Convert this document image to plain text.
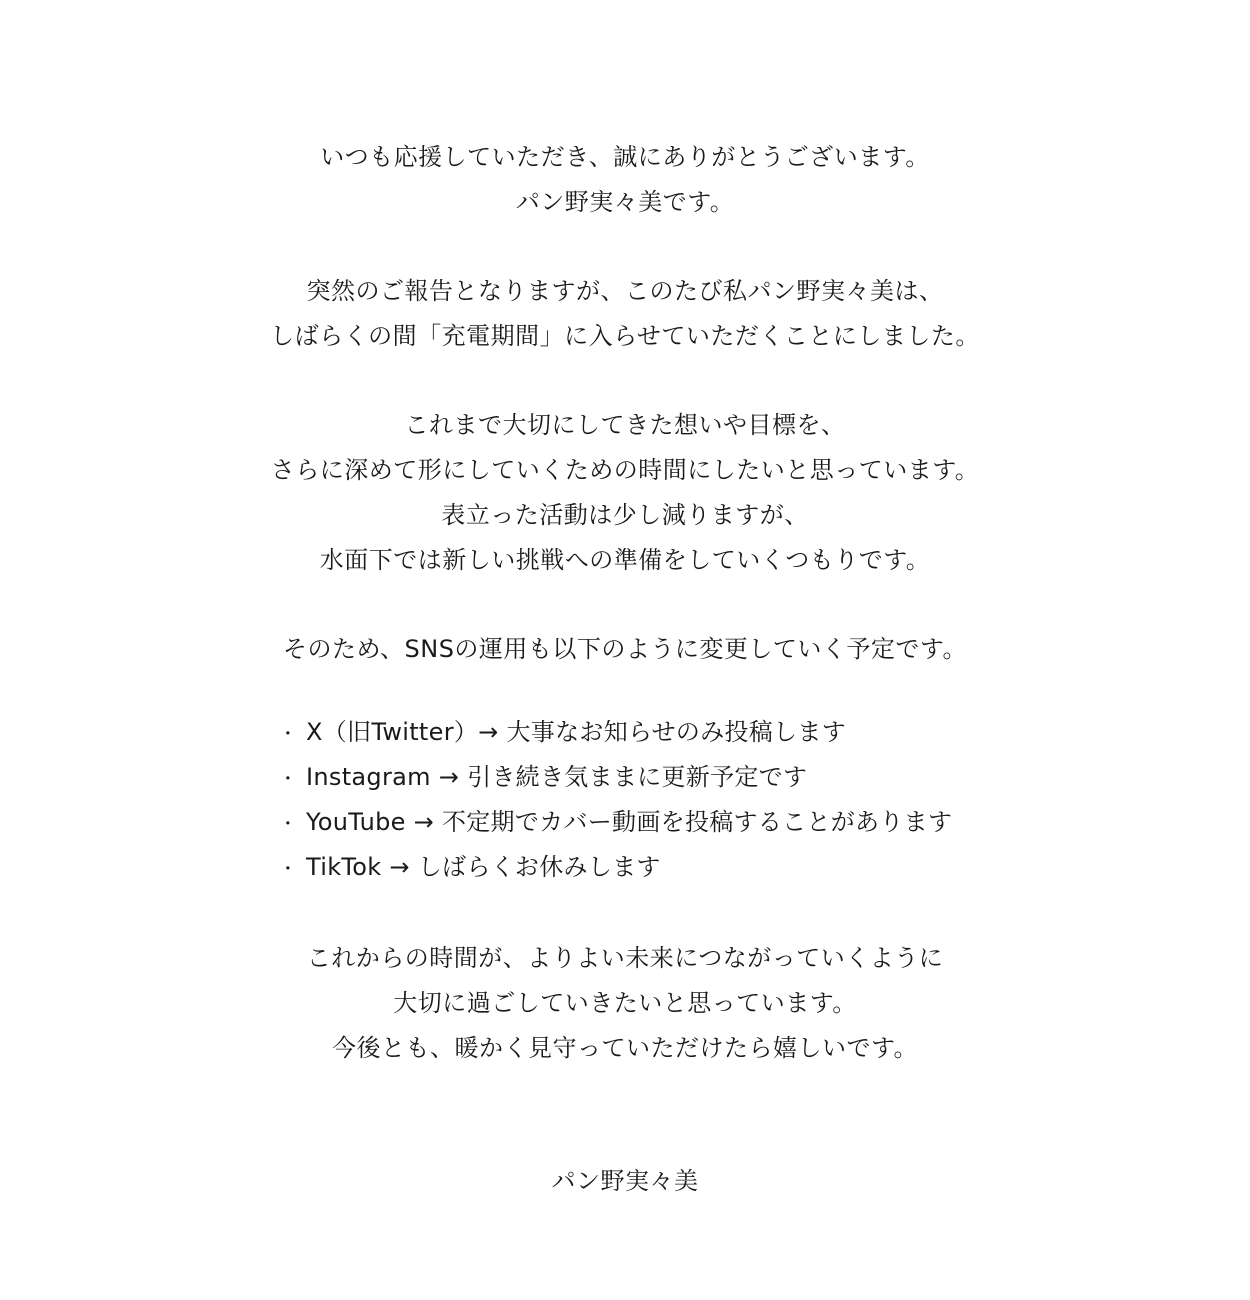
いつも応援していただき、誠にありがとうございます。
パン野実々美です。
突然のご報告となりますが、このたび私パン野実々美は、
しばらくの間「充電期間」に入らせていただくことにしました。
これまで大切にしてきた想いや目標を、
さらに深めて形にしていくための時間にしたいと思っています。
表立った活動は少し減りますが、
水面下では新しい挑戦への準備をしていくつもりです。
そのため、SNSの運用も以下のように変更していく予定です。
・ X（旧Twitter）→ 大事なお知らせのみ投稿します
・ Instagram → 引き続き気ままに更新予定です
・ YouTube → 不定期でカバー動画を投稿することがあります
・ TikTok → しばらくお休みします
これからの時間が、よりよい未来につながっていくように
大切に過ごしていきたいと思っています。
今後とも、暖かく見守っていただけたら嬉しいです。
パン野実々美
